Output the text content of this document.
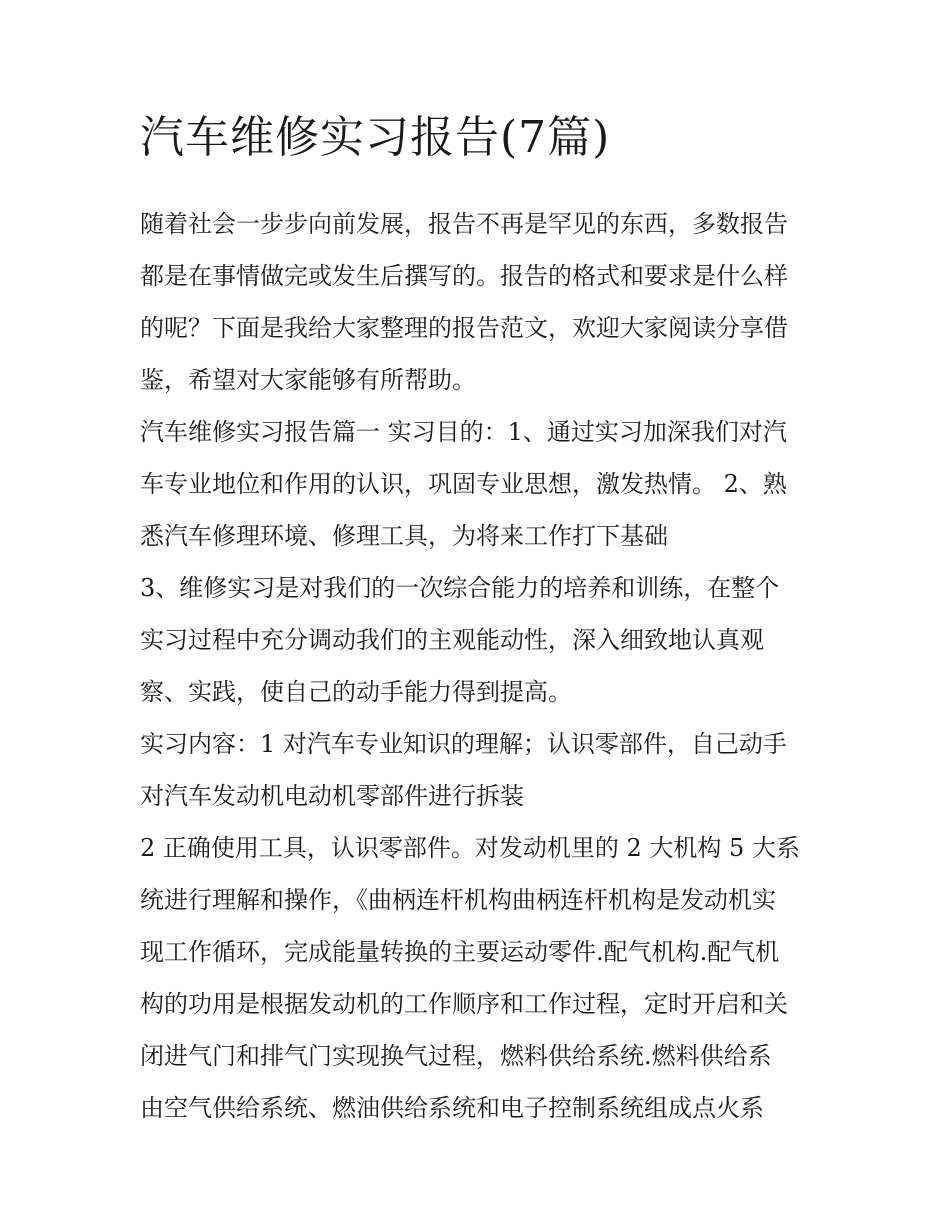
汽车维修实习报告(7篇)
随着社会一步步向前发展，报告不再是罕见的东西，多数报告
都是在事情做完或发生后撰写的。报告的格式和要求是什么样
的呢？下面是我给大家整理的报告范文，欢迎大家阅读分享借
鉴，希望对大家能够有所帮助。
汽车维修实习报告篇一 实习目的：1、通过实习加深我们对汽
车专业地位和作用的认识，巩固专业思想，激发热情。 2、熟
悉汽车修理环境、修理工具，为将来工作打下基础
3、维修实习是对我们的一次综合能力的培养和训练，在整个
实习过程中充分调动我们的主观能动性，深入细致地认真观
察、实践，使自己的动手能力得到提高。
实习内容：1 对汽车专业知识的理解；认识零部件，自己动手
对汽车发动机电动机零部件进行拆装
2 正确使用工具，认识零部件。对发动机里的 2 大机构 5 大系
统进行理解和操作，《曲柄连杆机构曲柄连杆机构是发动机实
现工作循环，完成能量转换的主要运动零件.配气机构.配气机
构的功用是根据发动机的工作顺序和工作过程，定时开启和关
闭进气门和排气门实现换气过程，燃料供给系统.燃料供给系
由空气供给系统、燃油供给系统和电子控制系统组成点火系
